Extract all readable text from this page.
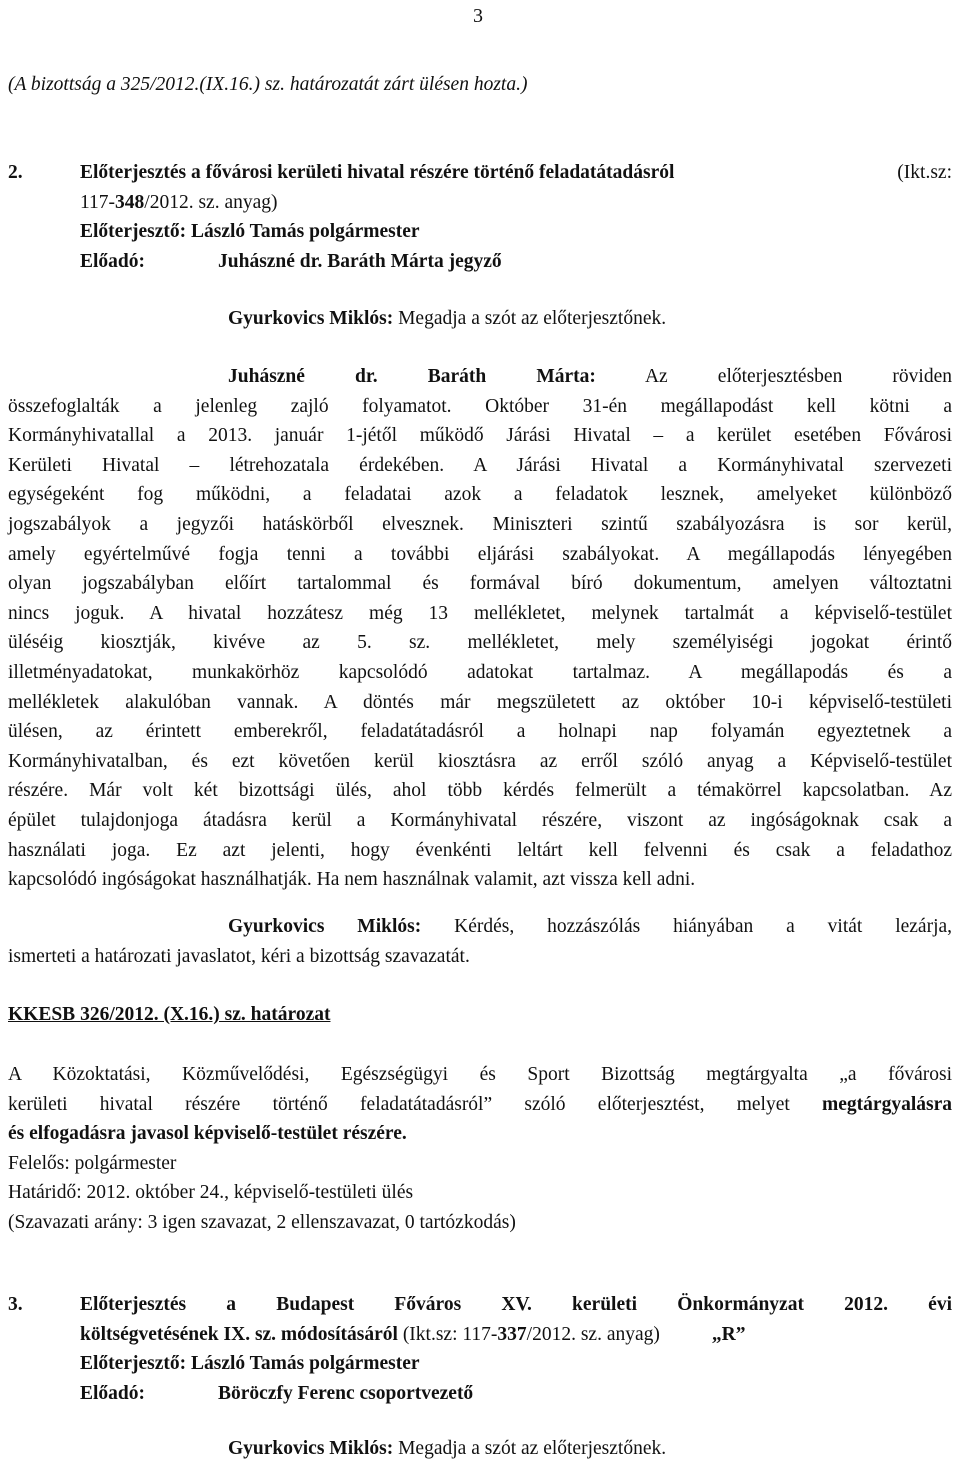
3
(A bizottság a 325/2012.(IX.16.) sz. határozatát zárt ülésen hozta.)
2.	Előterjesztés a fővárosi kerületi hivatal részére történő feladatátadásról	(Ikt.sz:
117-348/2012. sz. anyag)
Előterjesztő: László Tamás polgármester
Előadó:	Juhászné dr. Baráth Márta jegyző
Gyurkovics Miklós: Megadja a szót az előterjesztőnek.
Juhászné dr. Baráth Márta:	Az előterjesztésben röviden
összefoglalták a jelenleg zajló folyamatot. Október 31-én megállapodást kell kötni a
Kormányhivatallal a 2013. január 1-jétől működő Járási Hivatal – a kerület esetében Fővárosi
Kerületi Hivatal – létrehozatala érdekében. A Járási Hivatal a Kormányhivatal szervezeti
egységeként fog működni, a feladatai azok a feladatok lesznek, amelyeket különböző
jogszabályok a jegyzői hatáskörből elvesznek. Miniszteri szintű szabályozásra is sor kerül,
amely egyértelművé fogja tenni a további eljárási szabályokat. A megállapodás lényegében
olyan jogszabályban előírt tartalommal és formával bíró dokumentum, amelyen változtatni
nincs joguk. A hivatal hozzátesz még 13 mellékletet, melynek tartalmát a képviselő-testület
üléséig kiosztják, kivéve az 5. sz. mellékletet, mely személyiségi jogokat érintő
illetményadatokat, munkakörhöz kapcsolódó adatokat tartalmaz. A megállapodás és a
mellékletek alakulóban vannak. A döntés már megszületett az október 10-i képviselő-testületi
ülésen, az érintett emberekről, feladatátadásról a holnapi nap folyamán egyeztetnek a
Kormányhivatalban, és ezt követően kerül kiosztásra az erről szóló anyag a Képviselő-testület
részére. Már volt két bizottsági ülés, ahol több kérdés felmerült a témakörrel kapcsolatban. Az
épület tulajdonjoga átadásra kerül a Kormányhivatal részére, viszont az ingóságoknak csak a
használati joga. Ez azt jelenti, hogy évenkénti leltárt kell felvenni és csak a feladathoz
kapcsolódó ingóságokat használhatják. Ha nem használnak valamit, azt vissza kell adni.
Gyurkovics Miklós: Kérdés, hozzászólás hiányában a vitát lezárja,
ismerteti a határozati javaslatot, kéri a bizottság szavazatát.
KKESB 326/2012. (X.16.) sz. határozat
A Közoktatási, Közművelődési, Egészségügyi és Sport Bizottság megtárgyalta „a fővárosi
kerületi hivatal részére történő feladatátadásról” szóló előterjesztést, melyet megtárgyalásra
és elfogadásra javasol képviselő-testület részére.
Felelős: polgármester
Határidő: 2012. október 24., képviselő-testületi ülés
(Szavazati arány: 3 igen szavazat, 2 ellenszavazat, 0 tartózkodás)
3.	Előterjesztés a Budapest Főváros XV. kerületi Önkormányzat 2012. évi
költségvetésének IX. sz. módosításáról (Ikt.sz: 117-337/2012. sz. anyag)	„R”
Előterjesztő: László Tamás polgármester
Előadó:	Böröczfy Ferenc csoportvezető
Gyurkovics Miklós: Megadja a szót az előterjesztőnek.
